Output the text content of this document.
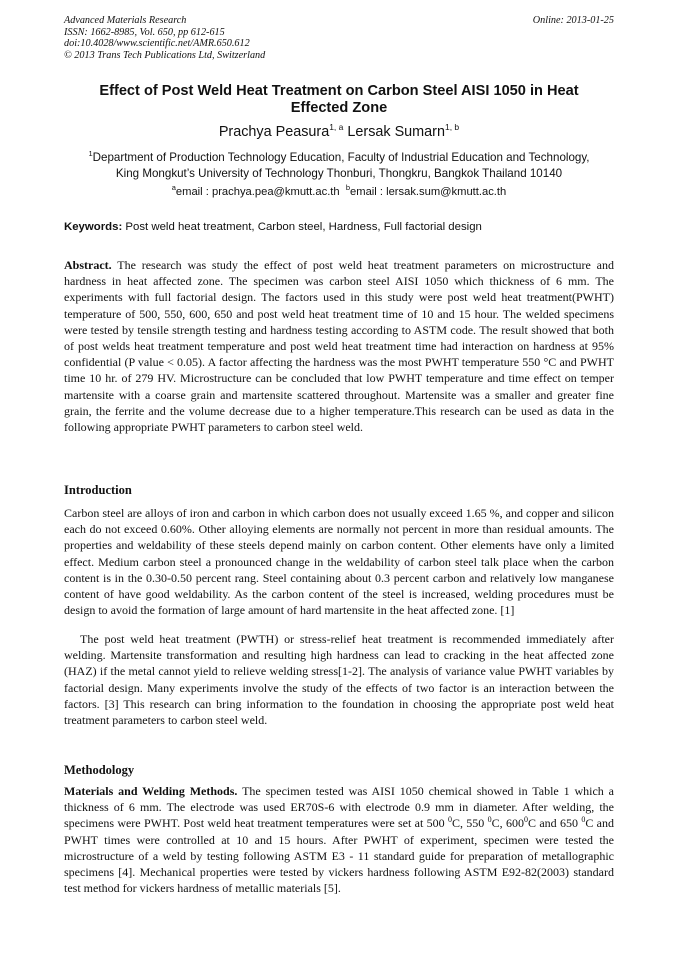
Advanced Materials Research
ISSN: 1662-8985, Vol. 650, pp 612-615
doi:10.4028/www.scientific.net/AMR.650.612
© 2013 Trans Tech Publications Ltd, Switzerland
Online: 2013-01-25
Effect of Post Weld Heat Treatment on Carbon Steel AISI 1050 in Heat Effected Zone
Prachya Peasura$^{1, a}$ Lersak Sumarn$^{1, b}$
$^1$Department of Production Technology Education, Faculty of Industrial Education and Technology,
King Mongkut’s University of Technology Thonburi, Thongkru, Bangkok Thailand 10140
$^a$email : prachya.pea@kmutt.ac.th $^b$email : lersak.sum@kmutt.ac.th
Keywords: Post weld heat treatment, Carbon steel, Hardness, Full factorial design
Abstract. The research was study the effect of post weld heat treatment parameters on microstructure and hardness in heat affected zone. The specimen was carbon steel AISI 1050 which thickness of 6 mm. The experiments with full factorial design. The factors used in this study were post weld heat treatment(PWHT) temperature of 500, 550, 600, 650 and post weld heat treatment time of 10 and 15 hour. The welded specimens were tested by tensile strength testing and hardness testing according to ASTM code. The result showed that both of post welds heat treatment temperature and post weld heat treatment time had interaction on hardness at 95% confidential (P value < 0.05). A factor affecting the hardness was the most PWHT temperature 550 °C and PWHT time 10 hr. of 279 HV. Microstructure can be concluded that low PWHT temperature and time effect on temper martensite with a coarse grain and martensite scattered throughout. Martensite was a smaller and greater fine grain, the ferrite and the volume decrease due to a higher temperature.This research can be used as data in the following appropriate PWHT parameters to carbon steel weld.
Introduction
Carbon steel are alloys of iron and carbon in which carbon does not usually exceed 1.65 %, and copper and silicon each do not exceed 0.60%. Other alloying elements are normally not percent in more than residual amounts. The properties and weldability of these steels depend mainly on carbon content. Other elements have only a limited effect. Medium carbon steel a pronounced change in the weldability of carbon steel talk place when the carbon content is in the 0.30-0.50 percent rang. Steel containing about 0.3 percent carbon and relatively low manganese content of have good weldability. As the carbon content of the steel is increased, welding procedures must be design to avoid the formation of large amount of hard martensite in the heat affected zone. [1]
The post weld heat treatment (PWTH) or stress-relief heat treatment is recommended immediately after welding. Martensite transformation and resulting high hardness can lead to cracking in the heat affected zone (HAZ) if the metal cannot yield to relieve welding stress[1-2]. The analysis of variance value PWHT variables by factorial design. Many experiments involve the study of the effects of two factor is an interaction between the factors. [3] This research can bring information to the foundation in choosing the appropriate post weld heat treatment parameters to carbon steel weld.
Methodology
Materials and Welding Methods. The specimen tested was AISI 1050 chemical showed in Table 1 which a thickness of 6 mm. The electrode was used ER70S-6 with electrode 0.9 mm in diameter. After welding, the specimens were PWHT. Post weld heat treatment temperatures were set at 500 $^0$C, 550 $^0$C, $600^0C$ and 650 $^0$C and PWHT times were controlled at 10 and 15 hours. After PWHT of experiment, specimen were tested the microstructure of a weld by testing following ASTM E3 - 11 standard guide for preparation of metallographic specimens [4]. Mechanical properties were tested by vickers hardness following ASTM E92-82(2003) standard test method for vickers hardness of metallic materials [5].
